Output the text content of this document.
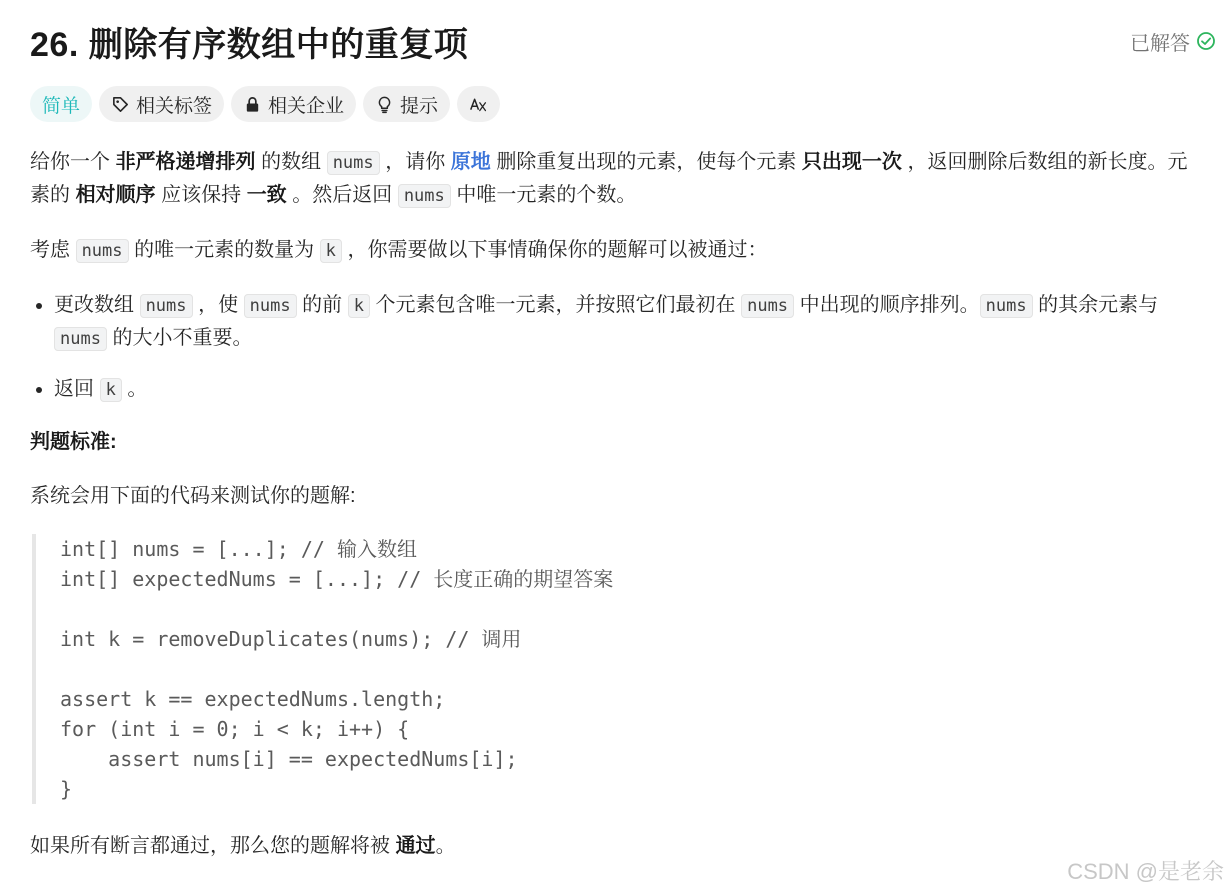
26. 删除有序数组中的重复项	已解答
简单	相关标签	相关企业	提示

给你一个 非严格递增排列 的数组 nums ，请你 原地 删除重复出现的元素，使每个元素 只出现一次 ，返回删除后数组的新长度。元素的 相对顺序 应该保持 一致 。然后返回 nums 中唯一元素的个数。

考虑 nums 的唯一元素的数量为 k ，你需要做以下事情确保你的题解可以被通过：

• 更改数组 nums ，使 nums 的前 k 个元素包含唯一元素，并按照它们最初在 nums 中出现的顺序排列。 nums 的其余元素与 nums 的大小不重要。
• 返回 k 。

判题标准:

系统会用下面的代码来测试你的题解:

int[] nums = [...]; // 输入数组
int[] expectedNums = [...]; // 长度正确的期望答案

int k = removeDuplicates(nums); // 调用

assert k == expectedNums.length;
for (int i = 0; i < k; i++) {
assert nums[i] == expectedNums[i];
}

如果所有断言都通过，那么您的题解将被 通过。

CSDN @是老余
